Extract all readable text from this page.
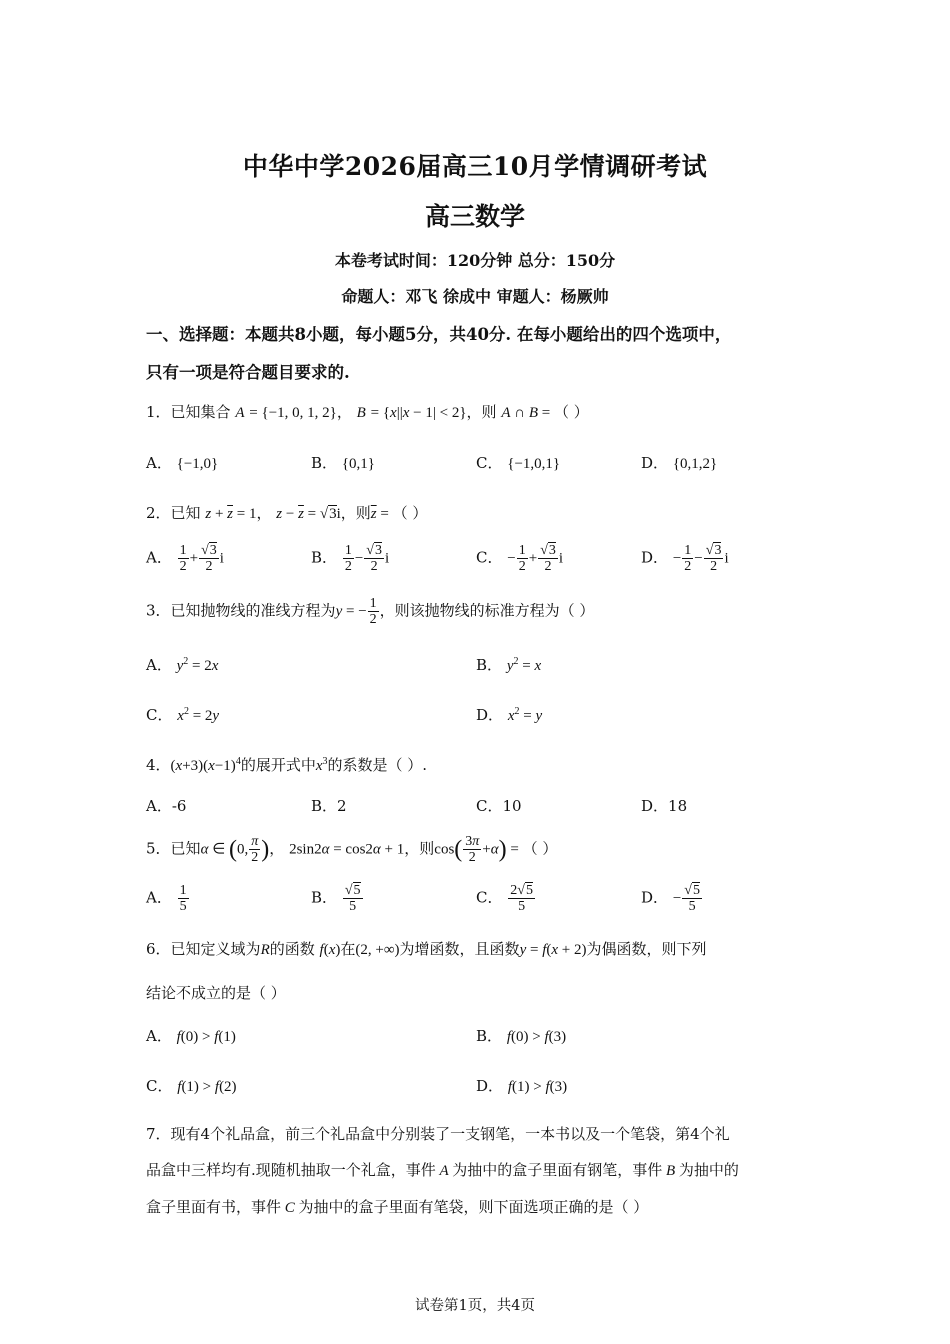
中华中学2026届高三10月学情调研考试
高三数学
本卷考试时间：120分钟 总分：150分
命题人：邓飞 徐成中 审题人：杨厥帅
一、选择题：本题共8小题，每小题5分，共40分. 在每小题给出的四个选项中，
只有一项是符合题目要求的.
1．已知集合 A = {−1, 0, 1, 2}， B = {x||x − 1| < 2}，则 A ∩ B = （ ）
A． {−1,0}	B． {0,1}	C． {−1,0,1}	D． {0,1,2}
2．已知 $z + \overline{z} = 1$， $z - \overline{z} = √3i$，则$\overline{z}$ = （ ）
A． $\frac{1}{2} + \frac{√3}{2}$ i	B． $\frac{1}{2} - \frac{√3}{2}$ i	C． − $\frac{1}{2} + \frac{√3}{2}$ i	D． − $\frac{1}{2} - \frac{√3}{2}$ i
3．已知抛物线的准线方程为y = − $\frac{1}{2}$ ，则该抛物线的标准方程为（ ）
A． $y^2 = 2x$	B． $y^2 = x$
C． $x^2 = 2y$	D． $x^2 = y$
4．$(x+3)(x-1)^4$的展开式中$x^3$的系数是（ ）.
A．-6	B．2	C．10	D．18
5．已知α ∈ (0, $\frac{\pi}{2}$ )， 2sin2α = cos2α + 1，则$\cos( \frac{3\pi}{2} +\alpha)$ = （ ）
A． $\frac{1}{5}$	B． $\frac{√5}{5}$	C． $\frac{2√5}{5}$	D． − $\frac{√5}{5}$
6．已知定义域为R的函数 f(x)在(2, +∞)为增函数，且函数y = f(x + 2)为偶函数，则下列
结论不成立的是（ ）
A． f(0) > f(1)	B． f(0) > f(3)
C． f(1) > f(2)	D． f(1) > f(3)
7．现有4个礼品盒，前三个礼品盒中分别装了一支钢笔，一本书以及一个笔袋，第4个礼
品盒中三样均有.现随机抽取一个礼盒，事件 A 为抽中的盒子里面有钢笔，事件 B 为抽中的
盒子里面有书，事件 C 为抽中的盒子里面有笔袋，则下面选项正确的是（ ）
试卷第1页，共4页
